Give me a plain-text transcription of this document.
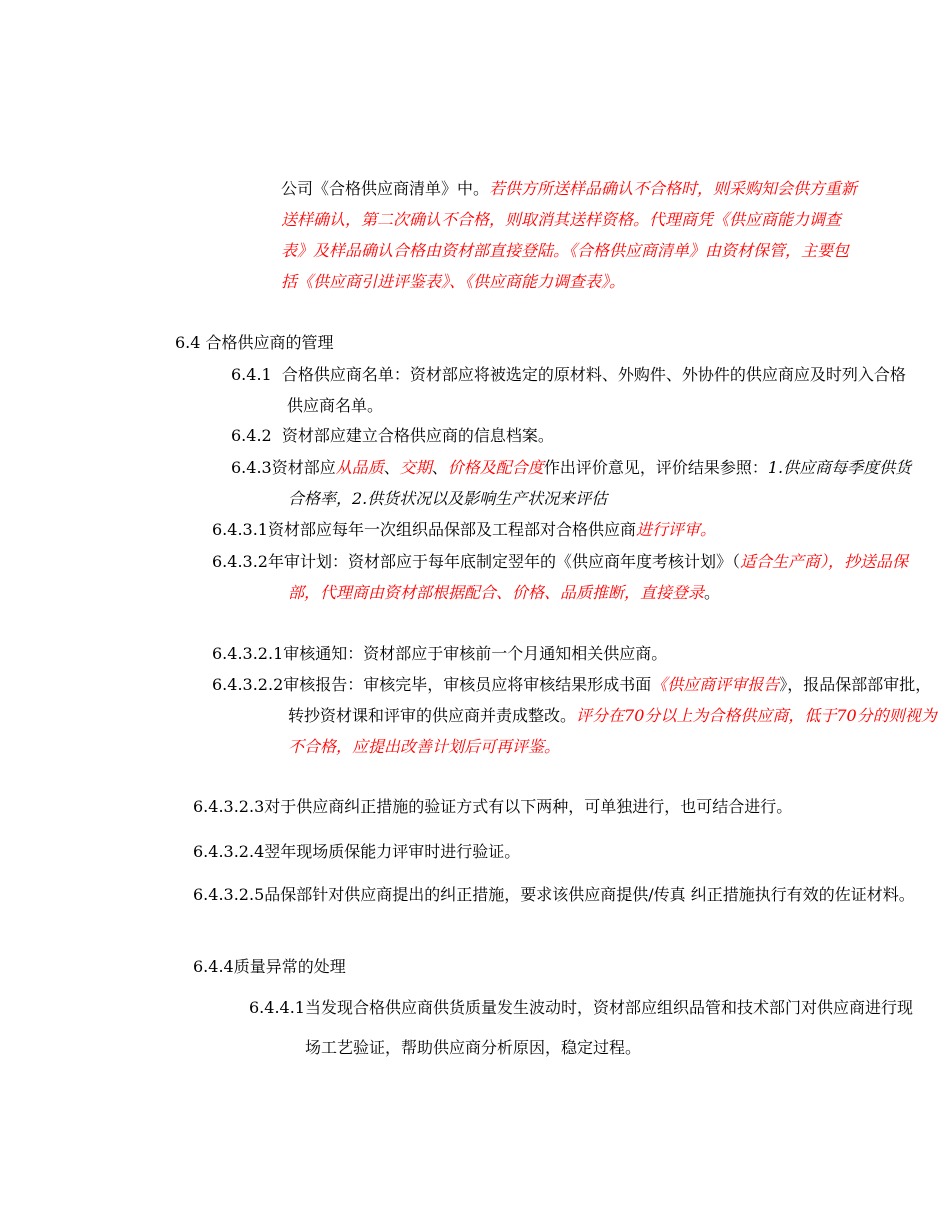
公司《合格供应商清单》中。若供方所送样品确认不合格时，则采购知会供方重新送样确认，第二次确认不合格，则取消其送样资格。代理商凭《供应商能力调查表》及样品确认合格由资材部直接登陆。《合格供应商清单》由资材保管，主要包括《供应商引进评鉴表》、《供应商能力调查表》。

6.4 合格供应商的管理

6.4.1 合格供应商名单：资材部应将被选定的原材料、外购件、外协件的供应商应及时列入合格供应商名单。

6.4.2 资材部应建立合格供应商的信息档案。

6.4.3资材部应从品质、交期、价格及配合度作出评价意见，评价结果参照：1.供应商每季度供货合格率，2.供货状况以及影响生产状况来评估

6.4.3.1资材部应每年一次组织品保部及工程部对合格供应商进行评审。

6.4.3.2年审计划：资材部应于每年底制定翌年的《供应商年度考核计划》（适合生产商），抄送品保部，代理商由资材部根据配合、价格、品质推断，直接登录。

6.4.3.2.1审核通知：资材部应于审核前一个月通知相关供应商。

6.4.3.2.2审核报告：审核完毕，审核员应将审核结果形成书面《供应商评审报告》，报品保部部审批，转抄资材课和评审的供应商并责成整改。评分在70分以上为合格供应商，低于70分的则视为不合格，应提出改善计划后可再评鉴。

6.4.3.2.3对于供应商纠正措施的验证方式有以下两种，可单独进行，也可结合进行。

6.4.3.2.4翌年现场质保能力评审时进行验证。

6.4.3.2.5品保部针对供应商提出的纠正措施，要求该供应商提供/传真 纠正措施执行有效的佐证材料。

6.4.4质量异常的处理

6.4.4.1当发现合格供应商供货质量发生波动时，资材部应组织品管和技术部门对供应商进行现场工艺验证，帮助供应商分析原因，稳定过程。
